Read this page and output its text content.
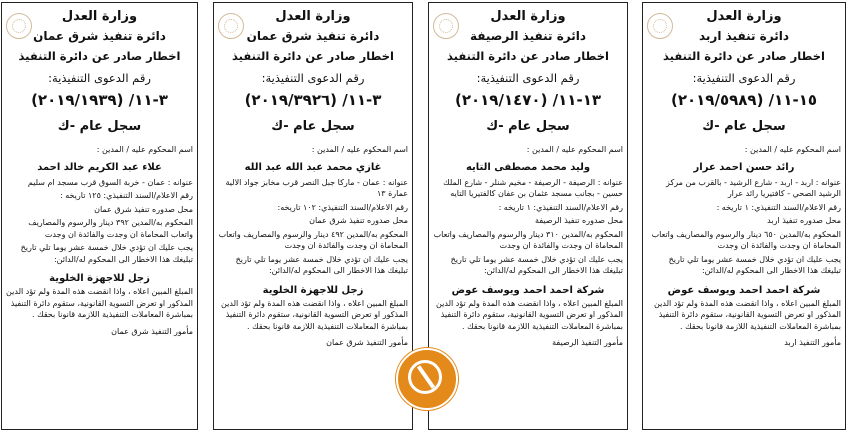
وزارة العدل
دائرة تنفيذ شرق عمان
اخطار صادر عن دائرة التنفيذ
رقم الدعوى التنفيذية:
٣-١١/ (٢٠١٩/١٩٣٩)
سجل عام -ك
اسم المحكوم عليه / المدين :
علاء عبد الكريم خالد احمد
عنوانه : عمان - خربة السوق قرب مسجد ام سليم
رقم الاعلام/السند التنفيذي: ١٢٥ تاريخه :
محل صدوره تنفيذ شرق عمان
المحكوم به/المدين ٣٩٢ دينار والرسوم والمصاريف واتعاب المحاماة ان وجدت والفائدة ان وجدت
يجب عليك ان تؤدي خلال خمسة عشر يوما تلي تاريخ تبليغك هذا الاخطار الى المحكوم له/الدائن:
زجل للاجهزة الخلوية
المبلغ المبين اعلاه ، واذا انقضت هذه المدة ولم تؤد الدين المذكور او تعرض التسوية القانونية، ستقوم دائرة التنفيذ بمباشرة المعاملات التنفيذية اللازمة قانونا بحقك .
مأمور التنفيذ شرق عمان
وزارة العدل
دائرة تنفيذ شرق عمان
اخطار صادر عن دائرة التنفيذ
رقم الدعوى التنفيذية:
٣-١١/ (٢٠١٩/٣٩٢٦)
سجل عام -ك
اسم المحكوم عليه / المدين :
غازي محمد عبد الله عبد الله
عنوانه : عمان - ماركا جبل النصر قرب مخابز جواد الالية عمارة ١٣
رقم الاعلام/السند التنفيذي: ١٠٢ تاريخه:
محل صدوره تنفيذ شرق عمان
المحكوم به/المدين ٤٩٢ دينار والرسوم والمصاريف واتعاب المحاماة ان وجدت والفائدة ان وجدت
يجب عليك ان تؤدي خلال خمسة عشر يوما تلي تاريخ تبليغك هذا الاخطار الى المحكوم له/الدائن:
زجل للاجهزة الخلوية
المبلغ المبين اعلاه ، واذا انقضت هذه المدة ولم تؤد الدين المذكور او تعرض التسوية القانونية، ستقوم دائرة التنفيذ بمباشرة المعاملات التنفيذية اللازمة قانونا بحقك .
مأمور التنفيذ شرق عمان
وزارة العدل
دائرة تنفيذ الرصيفة
اخطار صادر عن دائرة التنفيذ
رقم الدعوى التنفيذية:
١٣-١١/ (٢٠١٩/١٤٧٠)
سجل عام -ك
اسم المحكوم عليه / المدين :
وليد محمد مصطفى التايه
عنوانه : الرصيفة - الرصيفة - مخيم شنلر - شارع الملك حسين - بجانب مسجد عثمان بن عفان كالفتيريا التايه
رقم الاعلام/السند التنفيذي: ١ تاريخه :
محل صدوره تنفيذ الرصيفة
المحكوم به/المدين ٣١٠ دينار والرسوم والمصاريف واتعاب المحاماة ان وجدت والفائدة ان وجدت
يجب عليك ان تؤدي خلال خمسة عشر يوما تلي تاريخ تبليغك هذا الاخطار الى المحكوم له/الدائن:
شركة احمد احمد ويوسف عوض
المبلغ المبين اعلاه ، واذا انقضت هذه المدة ولم تؤد الدين المذكور او تعرض التسوية القانونية، ستقوم دائرة التنفيذ بمباشرة المعاملات التنفيذية اللازمة قانونا بحقك .
مأمور التنفيذ الرصيفة
وزارة العدل
دائرة تنفيذ اربد
اخطار صادر عن دائرة التنفيذ
رقم الدعوى التنفيذية:
١٥-١١/ (٢٠١٩/٥٩٨٩)
سجل عام -ك
اسم المحكوم عليه / المدين :
رائد حسن احمد عرار
عنوانه : اربد - اربد - شارع الرشيد - بالقرب من مركز الرشيد الصحي - كافتيريا رائد عرار
رقم الاعلام/السند التنفيذي: ١ تاريخه :
محل صدوره تنفيذ اربد
المحكوم به/المدين ٦٥٠ دينار والرسوم والمصاريف واتعاب المحاماة ان وجدت والفائدة ان وجدت
يجب عليك ان تؤدي خلال خمسة عشر يوما تلي تاريخ تبليغك هذا الاخطار الى المحكوم له/الدائن:
شركة احمد احمد ويوسف عوض
المبلغ المبين اعلاه ، واذا انقضت هذه المدة ولم تؤد الدين المذكور او تعرض التسوية القانونية، ستقوم دائرة التنفيذ بمباشرة المعاملات التنفيذية اللازمة قانونا بحقك .
مأمور التنفيذ اربد
